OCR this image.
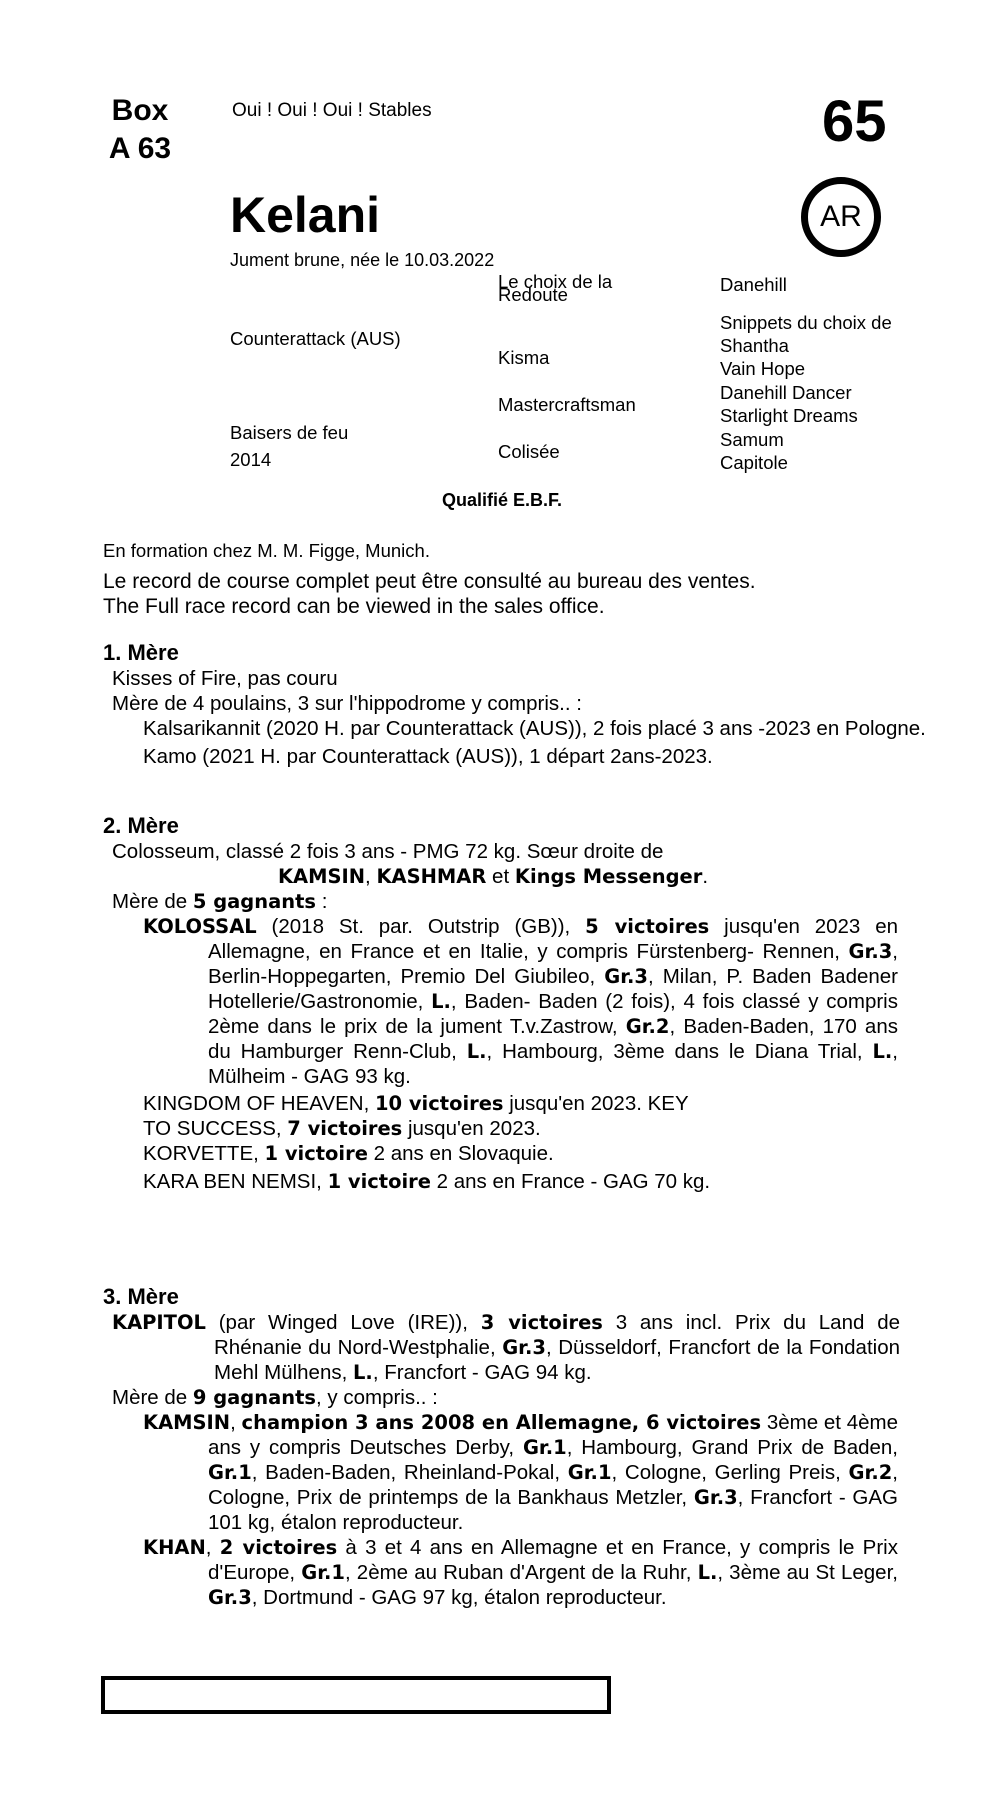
Box
A 63
Oui ! Oui ! Oui ! Stables	65
AR
Kelani
Jument brune, née le 10.03.2022
Counterattack (AUS)
Baisers de feu
2014
Le choix de la Redoute
Kisma
Mastercraftsman
Colisée
Danehill
Snippets du choix de Shantha
Vain Hope
Danehill Dancer
Starlight Dreams
Samum
Capitole
Qualifié E.B.F.
En formation chez M. M. Figge, Munich.
Le record de course complet peut être consulté au bureau des ventes.
The Full race record can be viewed in the sales office.
1. Mère

Kisses of Fire, pas couru

Mère de 4 poulains, 3 sur l'hippodrome y compris.. :

Kalsarikannit (2020 H. par Counterattack (AUS)), 2 fois placé 3 ans -2023 en Pologne.

Kamo (2021 H. par Counterattack (AUS)), 1 départ 2ans-2023.

2. Mère

Colosseum, classé 2 fois 3 ans - PMG 72 kg. Sœur droite de

KAMSIN, KASHMAR et Kings Messenger.

Mère de 5 gagnants :

KOLOSSAL (2018 St. par. Outstrip (GB)), 5 victoires jusqu'en 2023 en Allemagne, en France et en Italie, y compris Fürstenberg- Rennen, Gr.3, Berlin-Hoppegarten, Premio Del Giubileo, Gr.3, Milan, P. Baden Badener Hotellerie/Gastronomie, L., Baden- Baden (2 fois), 4 fois classé y compris 2ème dans le prix de la jument T.v.Zastrow, Gr.2, Baden-Baden, 170 ans du Hamburger Renn-Club, L., Hambourg, 3ème dans le Diana Trial, L., Mülheim - GAG 93 kg.

KINGDOM OF HEAVEN, 10 victoires jusqu'en 2023. KEY TO SUCCESS, 7 victoires jusqu'en 2023.

KORVETTE, 1 victoire 2 ans en Slovaquie.

KARA BEN NEMSI, 1 victoire 2 ans en France - GAG 70 kg.

3. Mère

KAPITOL (par Winged Love (IRE)), 3 victoires 3 ans incl. Prix du Land de Rhénanie du Nord-Westphalie, Gr.3, Düsseldorf, Francfort de la Fondation Mehl Mülhens, L., Francfort - GAG 94 kg.

Mère de 9 gagnants, y compris.. :

KAMSIN, champion 3 ans 2008 en Allemagne, 6 victoires 3ème et 4ème ans y compris Deutsches Derby, Gr.1, Hambourg, Grand Prix de Baden, Gr.1, Baden-Baden, Rheinland-Pokal, Gr.1, Cologne, Gerling Preis, Gr.2, Cologne, Prix de printemps de la Bankhaus Metzler, Gr.3, Francfort - GAG 101 kg, étalon reproducteur.

KHAN, 2 victoires à 3 et 4 ans en Allemagne et en France, y compris le Prix d'Europe, Gr.1, 2ème au Ruban d'Argent de la Ruhr, L., 3ème au St Leger, Gr.3, Dortmund - GAG 97 kg, étalon reproducteur.
